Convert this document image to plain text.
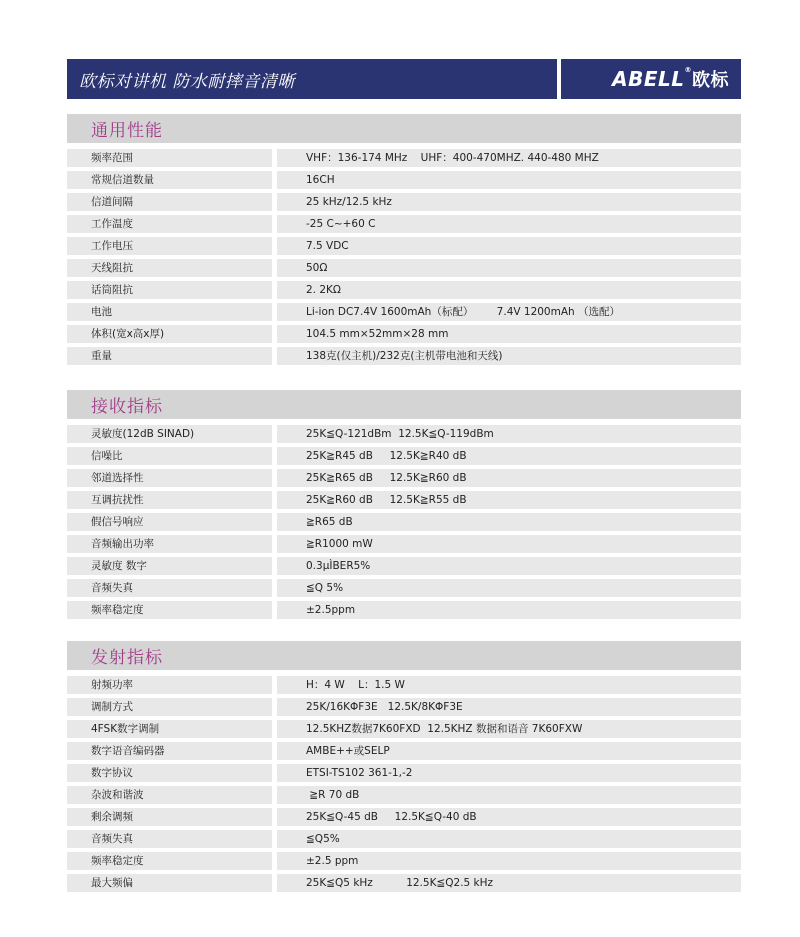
欧标对讲机 防水耐摔音清晰	ABELL®欧标
通用性能
频率范围	VHF：136-174 MHz    UHF：400-470MHZ. 440-480 MHZ
常规信道数量	16CH
信道间隔	25 kHz/12.5 kHz
工作温度	-25 C~+60 C
工作电压	7.5 VDC
天线阻抗	50Ω
话筒阻抗	2. 2KΩ
电池	Li-ion DC7.4V 1600mAh（标配）       7.4V 1200mAh （选配）
体积(宽x高x厚)	104.5 mm×52mm×28 mm
重量	138克(仅主机)/232克(主机带电池和天线)
接收指标
灵敏度(12dB SINAD)	25K≦Q-121dBm  12.5K≦Q-119dBm
信噪比	25K≧R45 dB     12.5K≧R40 dB
邻道选择性	25K≧R65 dB     12.5K≧R60 dB
互调抗扰性	25K≧R60 dB     12.5K≧R55 dB
假信号响应	≧R65 dB
音频输出功率	≧R1000 mW
灵敏度 数字	0.3μÌBER5%
音频失真	≦Q 5%
频率稳定度	±2.5ppm
发射指标
射频功率	H：4 W    L：1.5 W
调制方式	25K/16KΦF3E   12.5K/8KΦF3E
4FSK数字调制	12.5KHZ数据7K60FXD  12.5KHZ 数据和语音 7K60FXW
数字语音编码器	AMBE++或SELP
数字协议	ETSI-TS102 361-1,-2
杂波和谐波	≧R 70 dB
剩余调频	25K≦Q-45 dB     12.5K≦Q-40 dB
音频失真	≦Q5%
频率稳定度	±2.5 ppm
最大频偏	25K≦Q5 kHz          12.5K≦Q2.5 kHz
